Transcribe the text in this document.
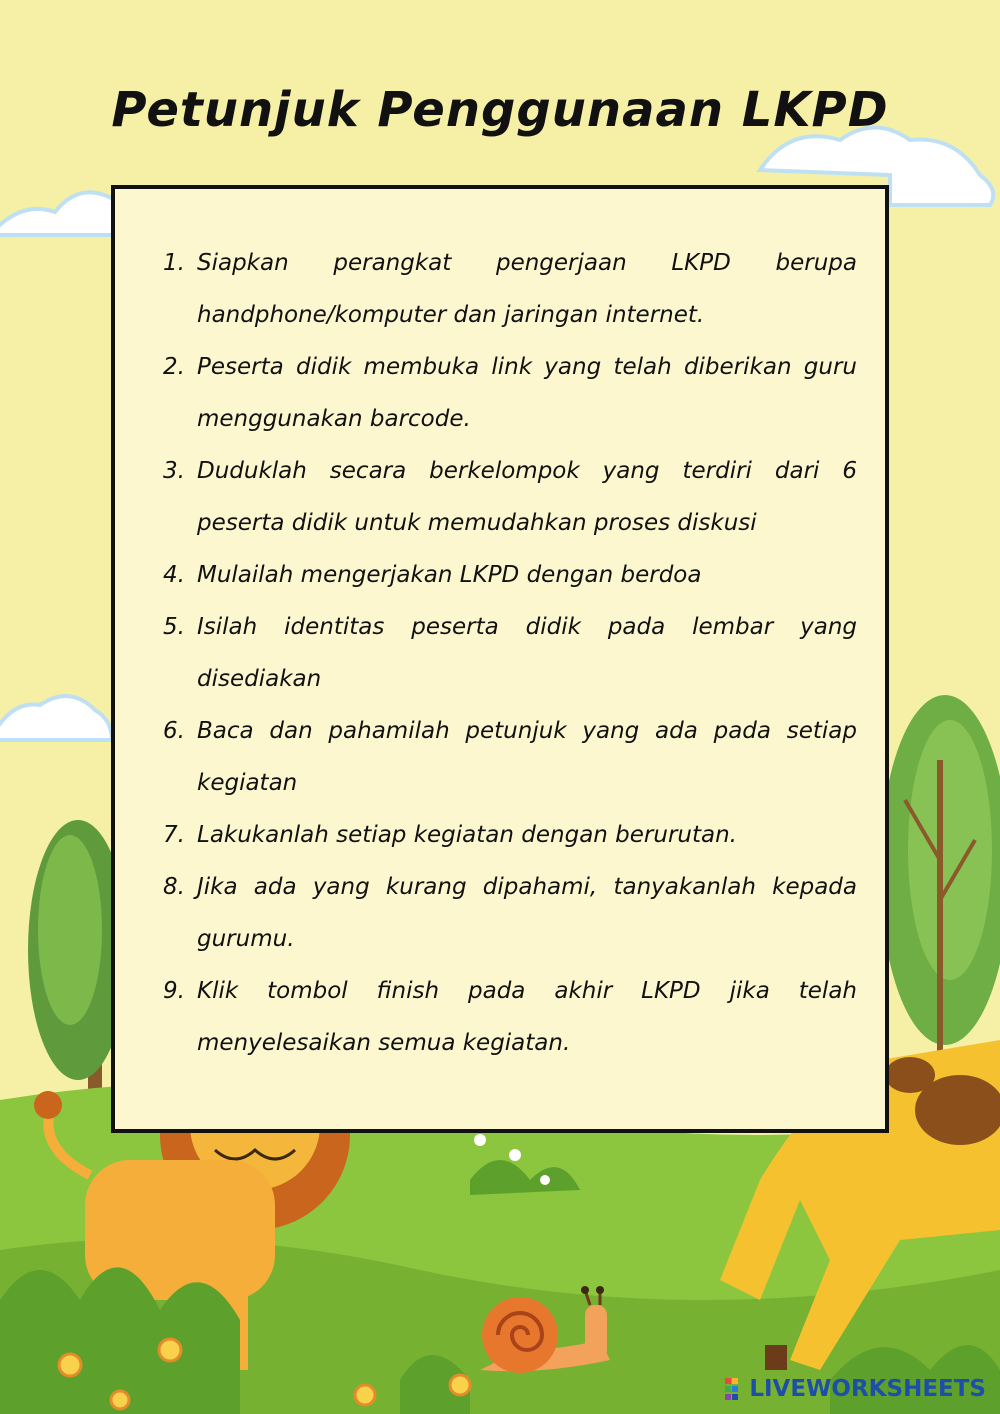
Petunjuk Penggunaan LKPD
1. Siapkan perangkat pengerjaan LKPD berupa handphone/komputer dan jaringan internet.
2. Peserta didik membuka link yang telah diberikan guru menggunakan barcode.
3. Duduklah secara berkelompok yang terdiri dari 6 peserta didik untuk memudahkan proses diskusi
4. Mulailah mengerjakan LKPD dengan berdoa
5. Isilah identitas peserta didik pada lembar yang disediakan
6. Baca dan pahamilah petunjuk yang ada pada setiap kegiatan
7. Lakukanlah setiap kegiatan dengan berurutan.
8. Jika ada yang kurang dipahami, tanyakanlah kepada gurumu.
9. Klik tombol finish pada akhir LKPD jika telah menyelesaikan semua kegiatan.
LIVEWORKSHEETS
